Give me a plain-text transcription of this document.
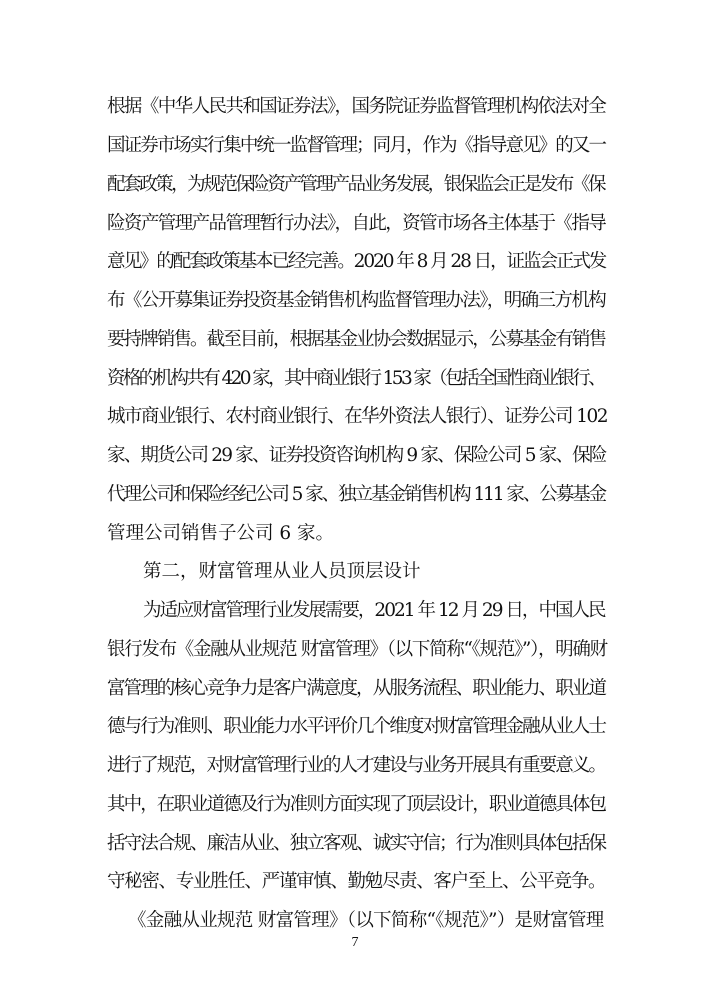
根据《中华人民共和国证券法》，国务院证券监督管理机构依法对全
国证券市场实行集中统一监督管理；同月，作为《指导意见》的又一
配套政策，为规范保险资产管理产品业务发展，银保监会正是发布《保
险资产管理产品管理暂行办法》，自此，资管市场各主体基于《指导
意见》的配套政策基本已经完善。2020 年 8 月 28 日，证监会正式发
布《公开募集证券投资基金销售机构监督管理办法》，明确三方机构
要持牌销售。截至目前，根据基金业协会数据显示，公募基金有销售
资格的机构共有 420 家，其中商业银行 153 家（包括全国性商业银行、
城市商业银行、农村商业银行、在华外资法人银行）、证券公司 102
家、期货公司 29 家、证券投资咨询机构 9 家、保险公司 5 家、保险
代理公司和保险经纪公司 5 家、独立基金销售机构 111 家、公募基金
管理公司销售子公司 6 家。
第二，财富管理从业人员顶层设计
为适应财富管理行业发展需要，2021 年 12 月 29 日，中国人民
银行发布《金融从业规范 财富管理》（以下简称“《规范》”），明确财
富管理的核心竞争力是客户满意度，从服务流程、职业能力、职业道
德与行为准则、职业能力水平评价几个维度对财富管理金融从业人士
进行了规范，对财富管理行业的人才建设与业务开展具有重要意义。
其中，在职业道德及行为准则方面实现了顶层设计，职业道德具体包
括守法合规、廉洁从业、独立客观、诚实守信；行为准则具体包括保
守秘密、专业胜任、严谨审慎、勤勉尽责、客户至上、公平竞争。
《金融从业规范 财富管理》（以下简称“《规范》”）是财富管理
7
